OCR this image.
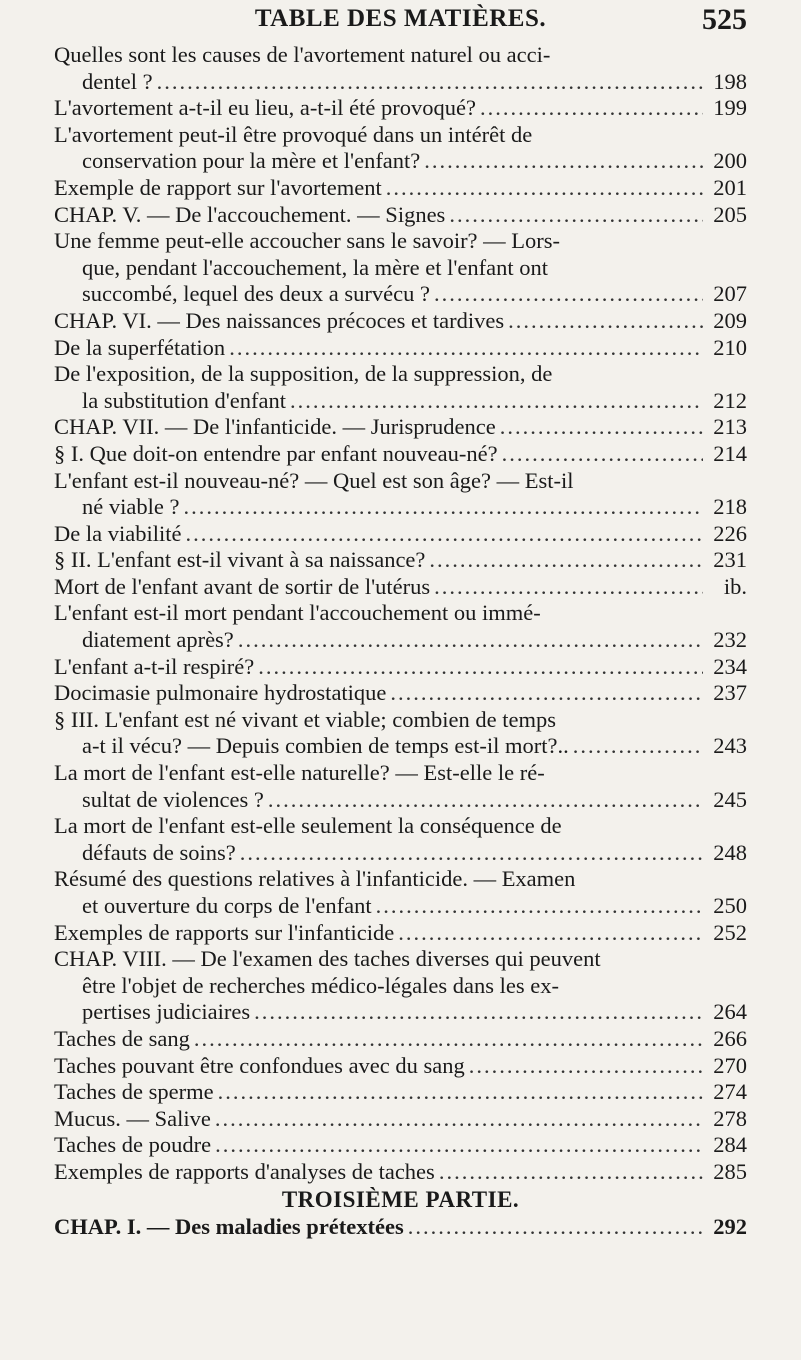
TABLE DES MATIÈRES.	525
Quelles sont les causes de l'avortement naturel ou acci-
dentel ? .....	198
L'avortement a-t-il eu lieu, a-t-il été provoqué? .....	199
L'avortement peut-il être provoqué dans un intérêt de
conservation pour la mère et l'enfant? .....	200
Exemple de rapport sur l'avortement .....	201
CHAP. V. — De l'accouchement. — Signes .....	205
Une femme peut-elle accoucher sans le savoir? — Lors-
que, pendant l'accouchement, la mère et l'enfant ont
succombé, lequel des deux a survécu ? .....	207
CHAP. VI. — Des naissances précoces et tardives .....	209
De la superfétation .....	210
De l'exposition, de la supposition, de la suppression, de
la substitution d'enfant .....	212
CHAP. VII. — De l'infanticide. — Jurisprudence .....	213
§ I. Que doit-on entendre par enfant nouveau-né? .....	214
L'enfant est-il nouveau-né? — Quel est son âge? — Est-il
né viable ? .....	218
De la viabilité .....	226
§ II. L'enfant est-il vivant à sa naissance? .....	231
Mort de l'enfant avant de sortir de l'utérus .....	ib.
L'enfant est-il mort pendant l'accouchement ou immé-
diatement après? .....	232
L'enfant a-t-il respiré? .....	234
Docimasie pulmonaire hydrostatique .....	237
§ III. L'enfant est né vivant et viable; combien de temps
a-t il vécu? — Depuis combien de temps est-il mort?.. .....	243
La mort de l'enfant est-elle naturelle? — Est-elle le ré-
sultat de violences ? .....	245
La mort de l'enfant est-elle seulement la conséquence de
défauts de soins? .....	248
Résumé des questions relatives à l'infanticide. — Examen
et ouverture du corps de l'enfant .....	250
Exemples de rapports sur l'infanticide .....	252
CHAP. VIII. — De l'examen des taches diverses qui peuvent
être l'objet de recherches médico-légales dans les ex-
pertises judiciaires .....	264
Taches de sang .....	266
Taches pouvant être confondues avec du sang .....	270
Taches de sperme .....	274
Mucus. — Salive .....	278
Taches de poudre .....	284
Exemples de rapports d'analyses de taches .....	285
TROISIÈME PARTIE.
CHAP. I. — Des maladies prétextées .....	292
